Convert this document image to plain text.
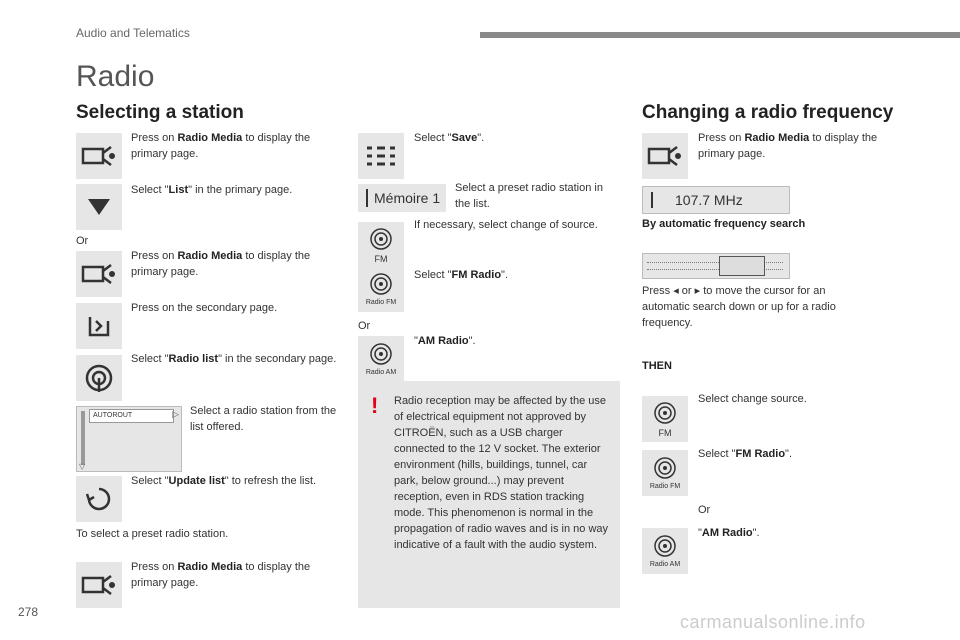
Audio and Telematics
Radio
Selecting a station
Press on Radio Media to display the primary page.
Select "List" in the primary page.
Or
Press on Radio Media to display the primary page.
Press on the secondary page.
Select "Radio list" in the secondary page.
AUTOROUT	▷
▽
Select a radio station from the list offered.
Select "Update list" to refresh the list.
To select a preset radio station.
Press on Radio Media to display the primary page.
Select "Save".
Mémoire 1
Select a preset radio station in the list.
FM
If necessary, select change of source.
Radio FM
Select "FM Radio".
Or
Radio AM
"AM Radio".
! Radio reception may be affected by the use of electrical equipment not approved by CITROËN, such as a USB charger connected to the 12 V socket. The exterior environment (hills, buildings, tunnel, car park, below ground...) may prevent reception, even in RDS station tracking mode. This phenomenon is normal in the propagation of radio waves and is in no way indicative of a fault with the audio system.
Changing a radio frequency
Press on Radio Media to display the primary page.
107.7 MHz
By automatic frequency search
Press ◂ or ▸ to move the cursor for an automatic search down or up for a radio frequency.
THEN
FM
Select change source.
Radio FM
Select "FM Radio".
Or
Radio AM
"AM Radio".
278	carmanualsonline.info
